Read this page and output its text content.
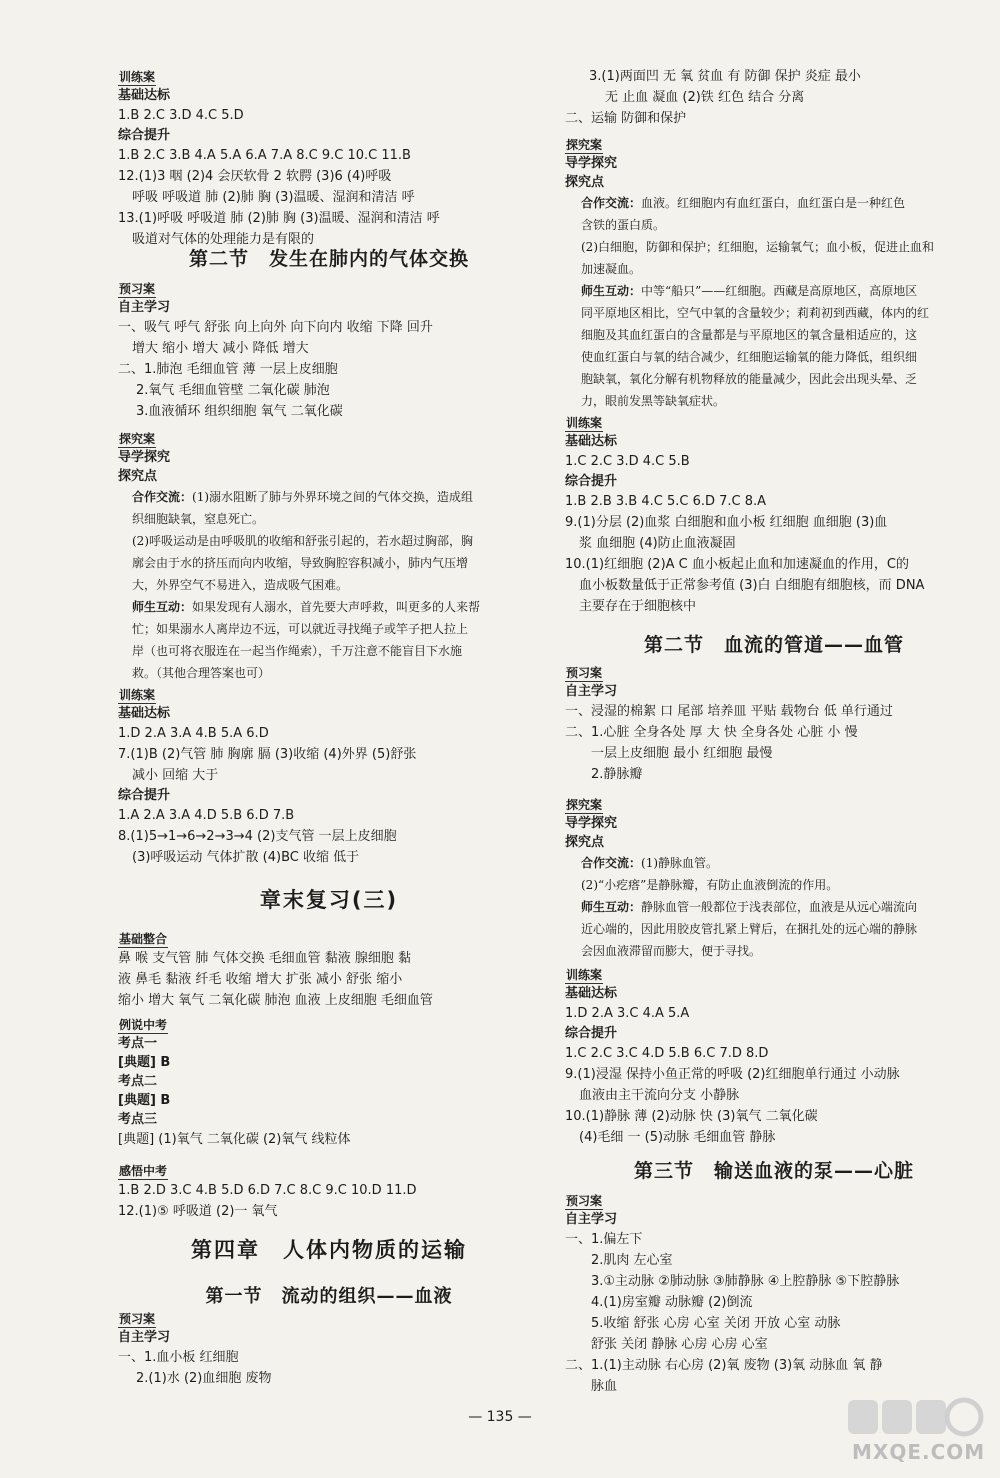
训练案
基础达标
1.B 2.C 3.D 4.C 5.D
综合提升
1.B 2.C 3.B 4.A 5.A 6.A 7.A 8.C 9.C 10.C 11.B
12.(1)3 咽 (2)4 会厌软骨 2 软腭 (3)6 (4)呼吸
呼吸 呼吸道 肺 (2)肺 胸 (3)温暖、湿润和清洁 呼
13.(1)呼吸 呼吸道 肺 (2)肺 胸 (3)温暖、湿润和清洁 呼
吸道对气体的处理能力是有限的
第二节　发生在肺内的气体交换
预习案
自主学习
一、吸气 呼气 舒张 向上向外 向下向内 收缩 下降 回升
增大 缩小 增大 减小 降低 增大
二、1.肺泡 毛细血管 薄 一层上皮细胞
2.氧气 毛细血管壁 二氧化碳 肺泡
3.血液循环 组织细胞 氧气 二氧化碳
探究案
导学探究
探究点
合作交流：(1)溺水阻断了肺与外界环境之间的气体交换，造成组
织细胞缺氧，窒息死亡。
(2)呼吸运动是由呼吸肌的收缩和舒张引起的，若水超过胸部，胸
廓会由于水的挤压而向内收缩，导致胸腔容积减小，肺内气压增
大，外界空气不易进入，造成吸气困难。
师生互动：如果发现有人溺水，首先要大声呼救，叫更多的人来帮
忙；如果溺水人离岸边不远，可以就近寻找绳子或竿子把人拉上
岸（也可将衣服连在一起当作绳索），千万注意不能盲目下水施
救。（其他合理答案也可）
训练案
基础达标
1.D 2.A 3.A 4.B 5.A 6.D
7.(1)B (2)气管 肺 胸廓 膈 (3)收缩 (4)外界 (5)舒张
减小 回缩 大于
综合提升
1.A 2.A 3.A 4.D 5.B 6.D 7.B
8.(1)5→1→6→2→3→4 (2)支气管 一层上皮细胞
(3)呼吸运动 气体扩散 (4)BC 收缩 低于
章末复习(三)
基础整合
鼻 喉 支气管 肺 气体交换 毛细血管 黏液 腺细胞 黏
液 鼻毛 黏液 纤毛 收缩 增大 扩张 减小 舒张 缩小
缩小 增大 氧气 二氧化碳 肺泡 血液 上皮细胞 毛细血管
例说中考
考点一
[典题] B
考点二
[典题] B
考点三
[典题] (1)氧气 二氧化碳 (2)氧气 线粒体
感悟中考
1.B 2.D 3.C 4.B 5.D 6.D 7.C 8.C 9.C 10.D 11.D
12.(1)⑤ 呼吸道 (2)一 氧气
第四章　人体内物质的运输
第一节　流动的组织——血液
预习案
自主学习
一、1.血小板 红细胞
2.(1)水 (2)血细胞 废物
3.(1)两面凹 无 氧 贫血 有 防御 保护 炎症 最小
无 止血 凝血 (2)铁 红色 结合 分离
二、运输 防御和保护
探究案
导学探究
探究点
合作交流：血液。红细胞内有血红蛋白，血红蛋白是一种红色
含铁的蛋白质。
(2)白细胞，防御和保护；红细胞，运输氧气；血小板，促进止血和
加速凝血。
师生互动：中等“船只”——红细胞。西藏是高原地区，高原地区
同平原地区相比，空气中氧的含量较少；莉莉初到西藏，体内的红
细胞及其血红蛋白的含量都是与平原地区的氧含量相适应的，这
使血红蛋白与氧的结合减少，红细胞运输氧的能力降低，组织细
胞缺氧，氧化分解有机物释放的能量减少，因此会出现头晕、乏
力，眼前发黑等缺氧症状。
训练案
基础达标
1.C 2.C 3.D 4.C 5.B
综合提升
1.B 2.B 3.B 4.C 5.C 6.D 7.C 8.A
9.(1)分层 (2)血浆 白细胞和血小板 红细胞 血细胞 (3)血
浆 血细胞 (4)防止血液凝固
10.(1)红细胞 (2)A C 血小板起止血和加速凝血的作用，C的
血小板数量低于正常参考值 (3)白 白细胞有细胞核，而 DNA
主要存在于细胞核中
第二节　血流的管道——血管
预习案
自主学习
一、浸湿的棉絮 口 尾部 培养皿 平贴 载物台 低 单行通过
二、1.心脏 全身各处 厚 大 快 全身各处 心脏 小 慢
一层上皮细胞 最小 红细胞 最慢
2.静脉瓣
探究案
导学探究
探究点
合作交流：(1)静脉血管。
(2)“小疙瘩”是静脉瓣，有防止血液倒流的作用。
师生互动：静脉血管一般都位于浅表部位，血液是从远心端流向
近心端的，因此用胶皮管扎紧上臂后，在捆扎处的远心端的静脉
会因血液滞留而膨大，便于寻找。
训练案
基础达标
1.D 2.A 3.C 4.A 5.A
综合提升
1.C 2.C 3.C 4.D 5.B 6.C 7.D 8.D
9.(1)浸湿 保持小鱼正常的呼吸 (2)红细胞单行通过 小动脉
血液由主干流向分支 小静脉
10.(1)静脉 薄 (2)动脉 快 (3)氧气 二氧化碳
(4)毛细 一 (5)动脉 毛细血管 静脉
第三节　输送血液的泵——心脏
预习案
自主学习
一、1.偏左下
2.肌肉 左心室
3.①主动脉 ②肺动脉 ③肺静脉 ④上腔静脉 ⑤下腔静脉
4.(1)房室瓣 动脉瓣 (2)倒流
5.收缩 舒张 心房 心室 关闭 开放 心室 动脉
舒张 关闭 静脉 心房 心房 心室
二、1.(1)主动脉 右心房 (2)氧 废物 (3)氧 动脉血 氧 静
脉血
— 135 —
MXQE.COM
